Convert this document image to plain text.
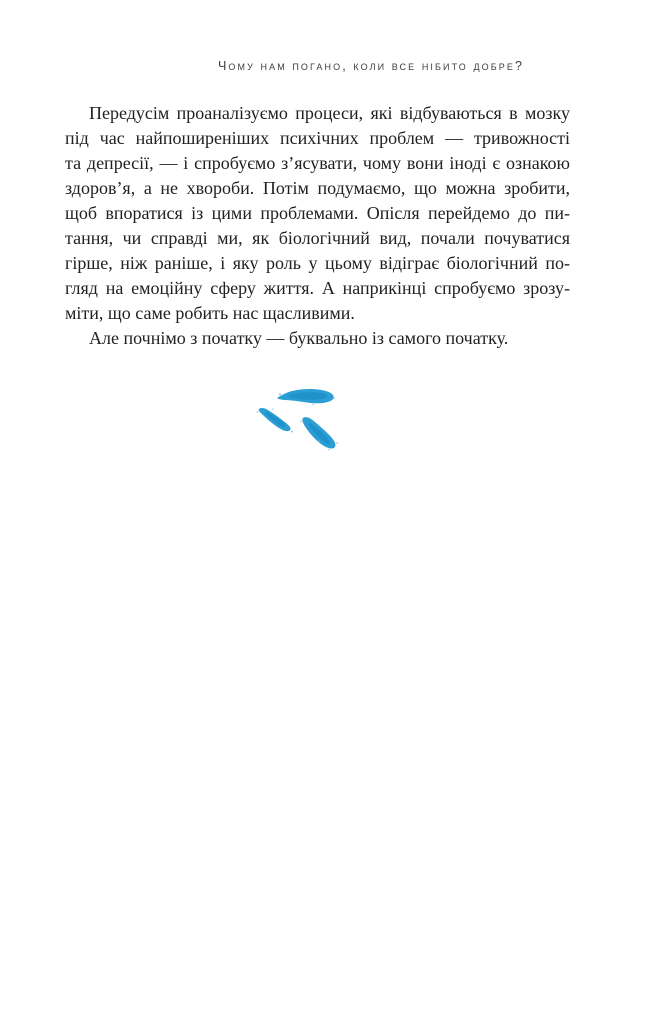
Чому нам погано, коли все нібито добре?
Передусім проаналізуємо процеси, які відбуваються в мозку
під час найпоширеніших психічних проблем — тривожності
та депресії, — і спробуємо з’ясувати, чому вони іноді є ознакою
здоров’я, а не хвороби. Потім подумаємо, що можна зробити,
щоб впоратися із цими проблемами. Опісля перейдемо до пи-
тання, чи справді ми, як біологічний вид, почали почуватися
гірше, ніж раніше, і яку роль у цьому відіграє біологічний по-
гляд на емоційну сферу життя. А наприкінці спробуємо зрозу-
міти, що саме робить нас щасливими.
Але почнімо з початку — буквально із самого початку.
